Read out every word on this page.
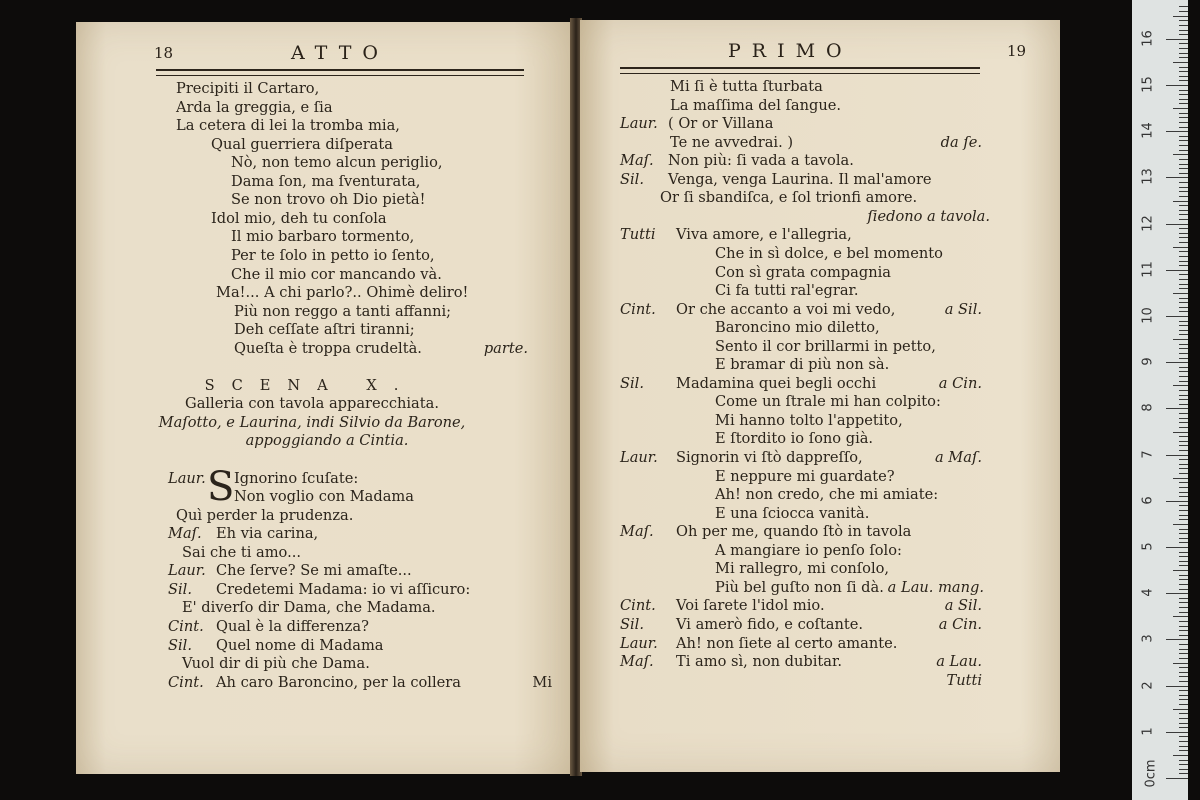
18	ATTO
Precipiti il Cartaro,
Arda la greggia, e ſia
La cetera di lei la tromba mia,
Qual guerriera diſperata
Nò, non temo alcun periglio,
Dama ſon, ma ſventurata,
Se non trovo oh Dio pietà!
Idol mio, deh tu conſola
Il mio barbaro tormento,
Per te ſolo in petto io ſento,
Che il mio cor mancando và.
Ma!... A chi parlo?.. Ohimè deliro!
Più non reggo a tanti affanni;
Deh ceſſate aſtri tiranni;
Queſta è troppa crudeltà.	parte.
SCENA X.
Galleria con tavola apparecchiata.
Maſotto, e Laurina, indi Silvio da Barone,
appoggiando a Cintia.
Laur. S Ignorino ſcuſate:
Non voglio con Madama
Quì perder la prudenza.
Maſ. Eh via carina,
Sai che ti amo...
Laur. Che ſerve? Se mi amaſte...
Sil. Credetemi Madama: io vi aſſicuro:
E' diverſo dir Dama, che Madama.
Cint. Qual è la differenza?
Sil. Quel nome di Madama
Vuol dir di più che Dama.
Cint. Ah caro Baroncino, per la collera	Mi
PRIMO	19
Mi ſi è tutta ſturbata
La maſſima del ſangue.
Laur. ( Or or Villana
Te ne avvedrai. )	da ſe.
Maſ. Non più: ſi vada a tavola.
Sil. Venga, venga Laurina. Il mal'amore
Or ſi sbandiſca, e ſol trionfi amore.
ſiedono a tavola.
Tutti Viva amore, e l'allegria,
Che in sì dolce, e bel momento
Con sì grata compagnia
Ci fa tutti ral'egrar.
Cint. Or che accanto a voi mi vedo,	a Sil.
Baroncino mio diletto,
Sento il cor brillarmi in petto,
E bramar di più non sà.
Sil. Madamina quei begli occhi	a Cin.
Come un ſtrale mi han colpito:
Mi hanno tolto l'appetito,
E ſtordito io ſono già.
Laur. Signorin vi ſtò dappreſſo,	a Maſ.
E neppure mi guardate?
Ah! non credo, che mi amiate:
E una ſciocca vanità.
Maſ. Oh per me, quando ſtò in tavola
A mangiare io penſo ſolo:
Mi rallegro, mi conſolo,
Più bel guſto non ſi dà. a Lau. mang.
Cint. Voi ſarete l'idol mio.	a Sil.
Sil. Vi amerò fido, e coſtante.	a Cin.
Laur. Ah! non ſiete al certo amante.
Maſ. Ti amo sì, non dubitar.	a Lau.
Tutti
0cm
1
2
3
4
5
6
7
8
9
10
11
12
13
14
15
16
